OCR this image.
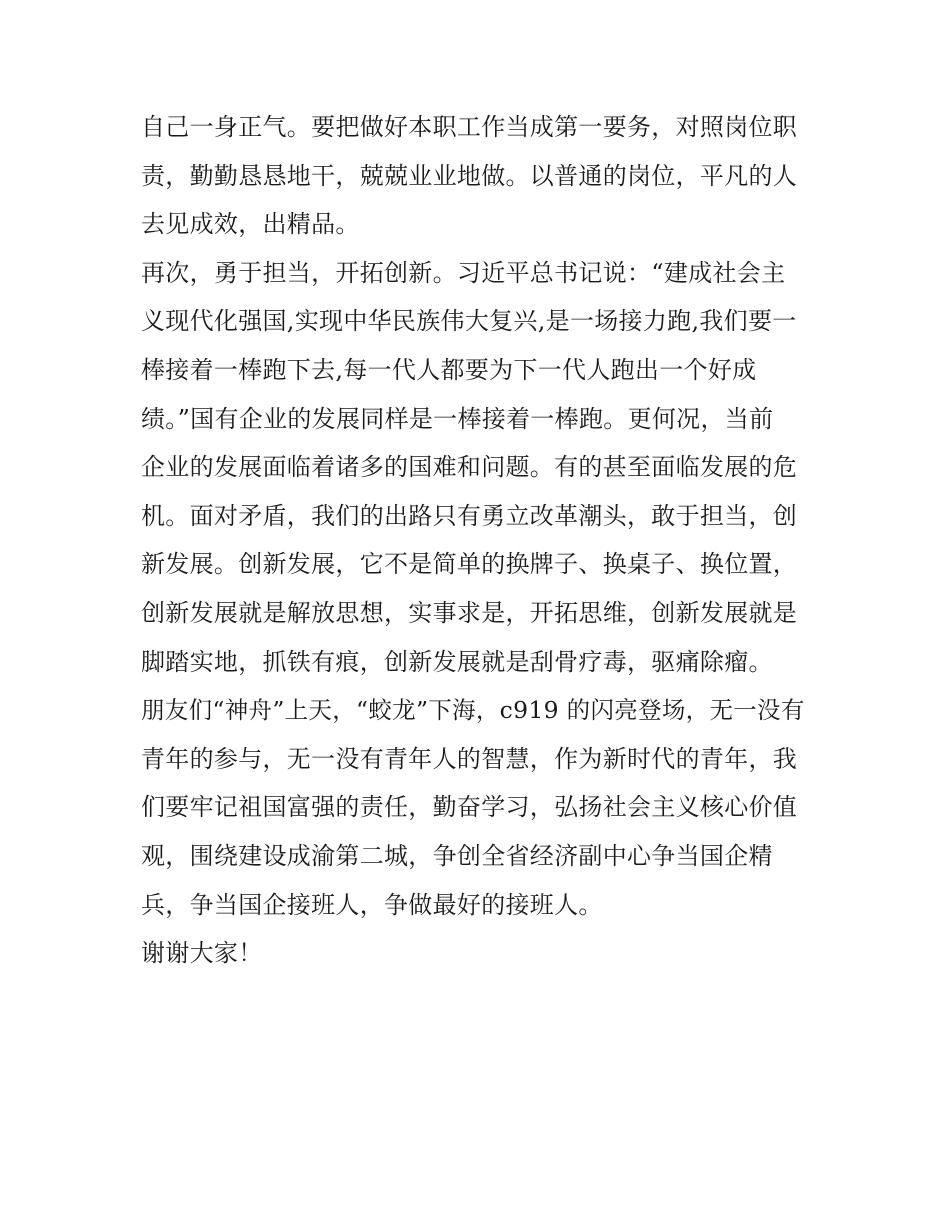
自己一身正气。要把做好本职工作当成第一要务，对照岗位职
责，勤勤恳恳地干，兢兢业业地做。以普通的岗位，平凡的人
去见成效，出精品。
再次，勇于担当，开拓创新。习近平总书记说：“建成社会主
义现代化强国,实现中华民族伟大复兴,是一场接力跑,我们要一
棒接着一棒跑下去,每一代人都要为下一代人跑出一个好成
绩。”国有企业的发展同样是一棒接着一棒跑。更何况，当前
企业的发展面临着诸多的国难和问题。有的甚至面临发展的危
机。面对矛盾，我们的出路只有勇立改革潮头，敢于担当，创
新发展。创新发展，它不是简单的换牌子、换桌子、换位置，
创新发展就是解放思想，实事求是，开拓思维，创新发展就是
脚踏实地，抓铁有痕，创新发展就是刮骨疗毒，驱痛除瘤。
朋友们“神舟”上天，“蛟龙”下海，c919 的闪亮登场，无一没有
青年的参与，无一没有青年人的智慧，作为新时代的青年，我
们要牢记祖国富强的责任，勤奋学习，弘扬社会主义核心价值
观，围绕建设成渝第二城，争创全省经济副中心争当国企精
兵，争当国企接班人，争做最好的接班人。
谢谢大家！
